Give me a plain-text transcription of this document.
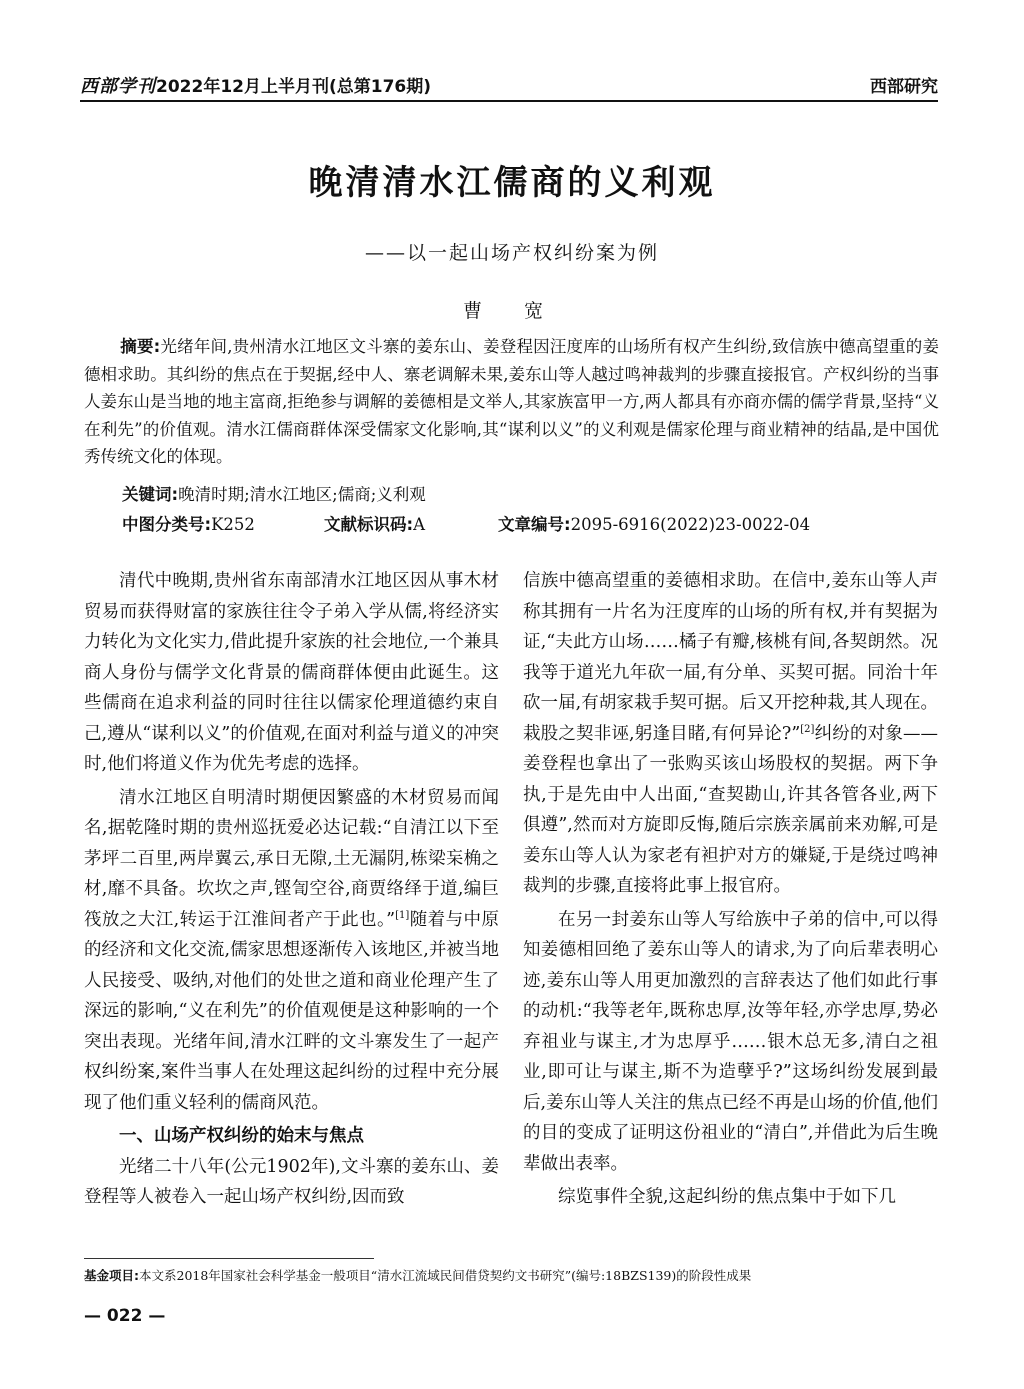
西部学刊2022年12月上半月刊(总第176期)	西部研究
晚清清水江儒商的义利观
——以一起山场产权纠纷案为例
曹 宽

摘要:光绪年间,贵州清水江地区文斗寨的姜东山、姜登程因汪度库的山场所有权产生纠纷,致信族中德高望重的姜德相求助。其纠纷的焦点在于契据,经中人、寨老调解未果,姜东山等人越过鸣神裁判的步骤直接报官。产权纠纷的当事人姜东山是当地的地主富商,拒绝参与调解的姜德相是文举人,其家族富甲一方,两人都具有亦商亦儒的儒学背景,坚持“义在利先”的价值观。清水江儒商群体深受儒家文化影响,其“谋利以义”的义利观是儒家伦理与商业精神的结晶,是中国优秀传统文化的体现。

关键词:晚清时期;清水江地区;儒商;义利观
中图分类号:K252	文献标识码:A	文章编号:2095-6916(2022)23-0022-04

清代中晚期,贵州省东南部清水江地区因从事木材贸易而获得财富的家族往往令子弟入学从儒,将经济实力转化为文化实力,借此提升家族的社会地位,一个兼具商人身份与儒学文化背景的儒商群体便由此诞生。这些儒商在追求利益的同时往往以儒家伦理道德约束自己,遵从“谋利以义”的价值观,在面对利益与道义的冲突时,他们将道义作为优先考虑的选择。

清水江地区自明清时期便因繁盛的木材贸易而闻名,据乾隆时期的贵州巡抚爱必达记载:“自清江以下至茅坪二百里,两岸翼云,承日无隙,土无漏阴,栋梁杗桷之材,靡不具备。坎坎之声,铿訇空谷,商贾络绎于道,编巨筏放之大江,转运于江淮间者产于此也。”[1]随着与中原的经济和文化交流,儒家思想逐渐传入该地区,并被当地人民接受、吸纳,对他们的处世之道和商业伦理产生了深远的影响,“义在利先”的价值观便是这种影响的一个突出表现。光绪年间,清水江畔的文斗寨发生了一起产权纠纷案,案件当事人在处理这起纠纷的过程中充分展现了他们重义轻利的儒商风范。

一、山场产权纠纷的始末与焦点

光绪二十八年(公元1902年),文斗寨的姜东山、姜登程等人被卷入一起山场产权纠纷,因而致

信族中德高望重的姜德相求助。在信中,姜东山等人声称其拥有一片名为汪度库的山场的所有权,并有契据为证,“夫此方山场……橘子有瓣,核桃有间,各契朗然。况我等于道光九年砍一届,有分单、买契可据。同治十年砍一届,有胡家栽手契可据。后又开挖种栽,其人现在。栽股之契非诬,躬逢目睹,有何异论?”[2]纠纷的对象——姜登程也拿出了一张购买该山场股权的契据。两下争执,于是先由中人出面,“查契勘山,许其各管各业,两下俱遵”,然而对方旋即反悔,随后宗族亲属前来劝解,可是姜东山等人认为家老有袒护对方的嫌疑,于是绕过鸣神裁判的步骤,直接将此事上报官府。

在另一封姜东山等人写给族中子弟的信中,可以得知姜德相回绝了姜东山等人的请求,为了向后辈表明心迹,姜东山等人用更加激烈的言辞表达了他们如此行事的动机:“我等老年,既称忠厚,汝等年轻,亦学忠厚,势必弃祖业与谋主,才为忠厚乎……银木总无多,清白之祖业,即可让与谋主,斯不为造孽乎?”这场纠纷发展到最后,姜东山等人关注的焦点已经不再是山场的价值,他们的目的变成了证明这份祖业的“清白”,并借此为后生晚辈做出表率。

综览事件全貌,这起纠纷的焦点集中于如下几

基金项目:本文系2018年国家社会科学基金一般项目“清水江流域民间借贷契约文书研究”(编号:18BZS139)的阶段性成果
— 022 —
